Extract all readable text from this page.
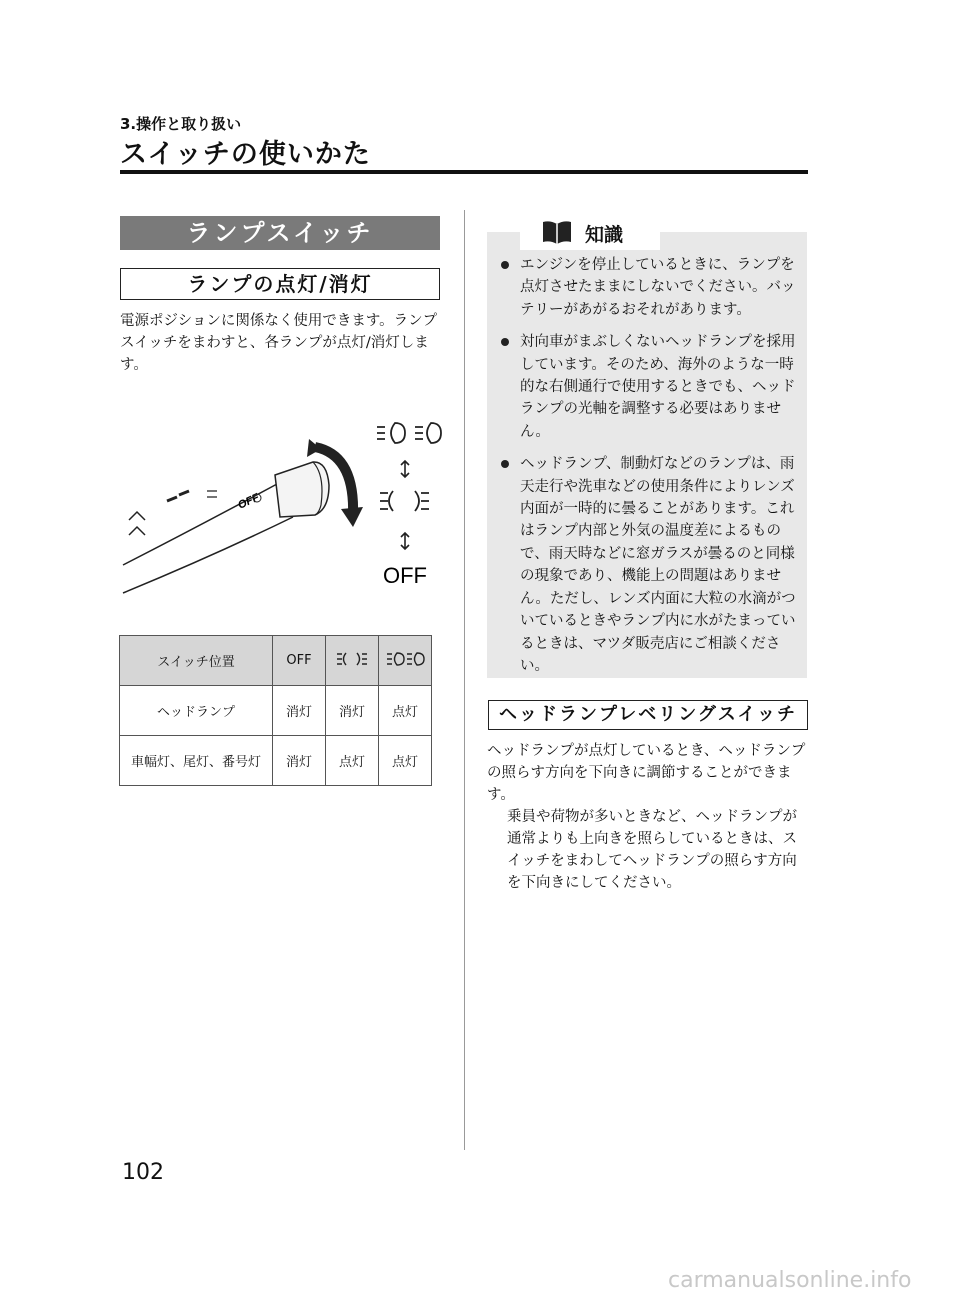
3.操作と取り扱い
スイッチの使いかた
ランプスイッチ
ランプの点灯/消灯
電源ポジションに関係なく使用できます。ランプスイッチをまわすと、各ランプが点灯/消灯します。
OFF
OFF
スイッチ位置	OFF		
ヘッドランプ	消灯	消灯	点灯
車幅灯、尾灯、番号灯	消灯	点灯	点灯
知識
エンジンを停止しているときに、ランプを点灯させたままにしないでください。バッテリーがあがるおそれがあります。
対向車がまぶしくないヘッドランプを採用しています。そのため、海外のような一時的な右側通行で使用するときでも、ヘッドランプの光軸を調整する必要はありません。
ヘッドランプ、制動灯などのランプは、雨天走行や洗車などの使用条件によりレンズ内面が一時的に曇ることがあります。これはランプ内部と外気の温度差によるもので、雨天時などに窓ガラスが曇るのと同様の現象であり、機能上の問題はありません。ただし、レンズ内面に大粒の水滴がついているときやランプ内に水がたまっているときは、マツダ販売店にご相談ください。
ヘッドランプレベリングスイッチ
ヘッドランプが点灯しているとき、ヘッドランプの照らす方向を下向きに調節することができます。
乗員や荷物が多いときなど、ヘッドランプが通常よりも上向きを照らしているときは、スイッチをまわしてヘッドランプの照らす方向を下向きにしてください。
102
carmanualsonline.info
